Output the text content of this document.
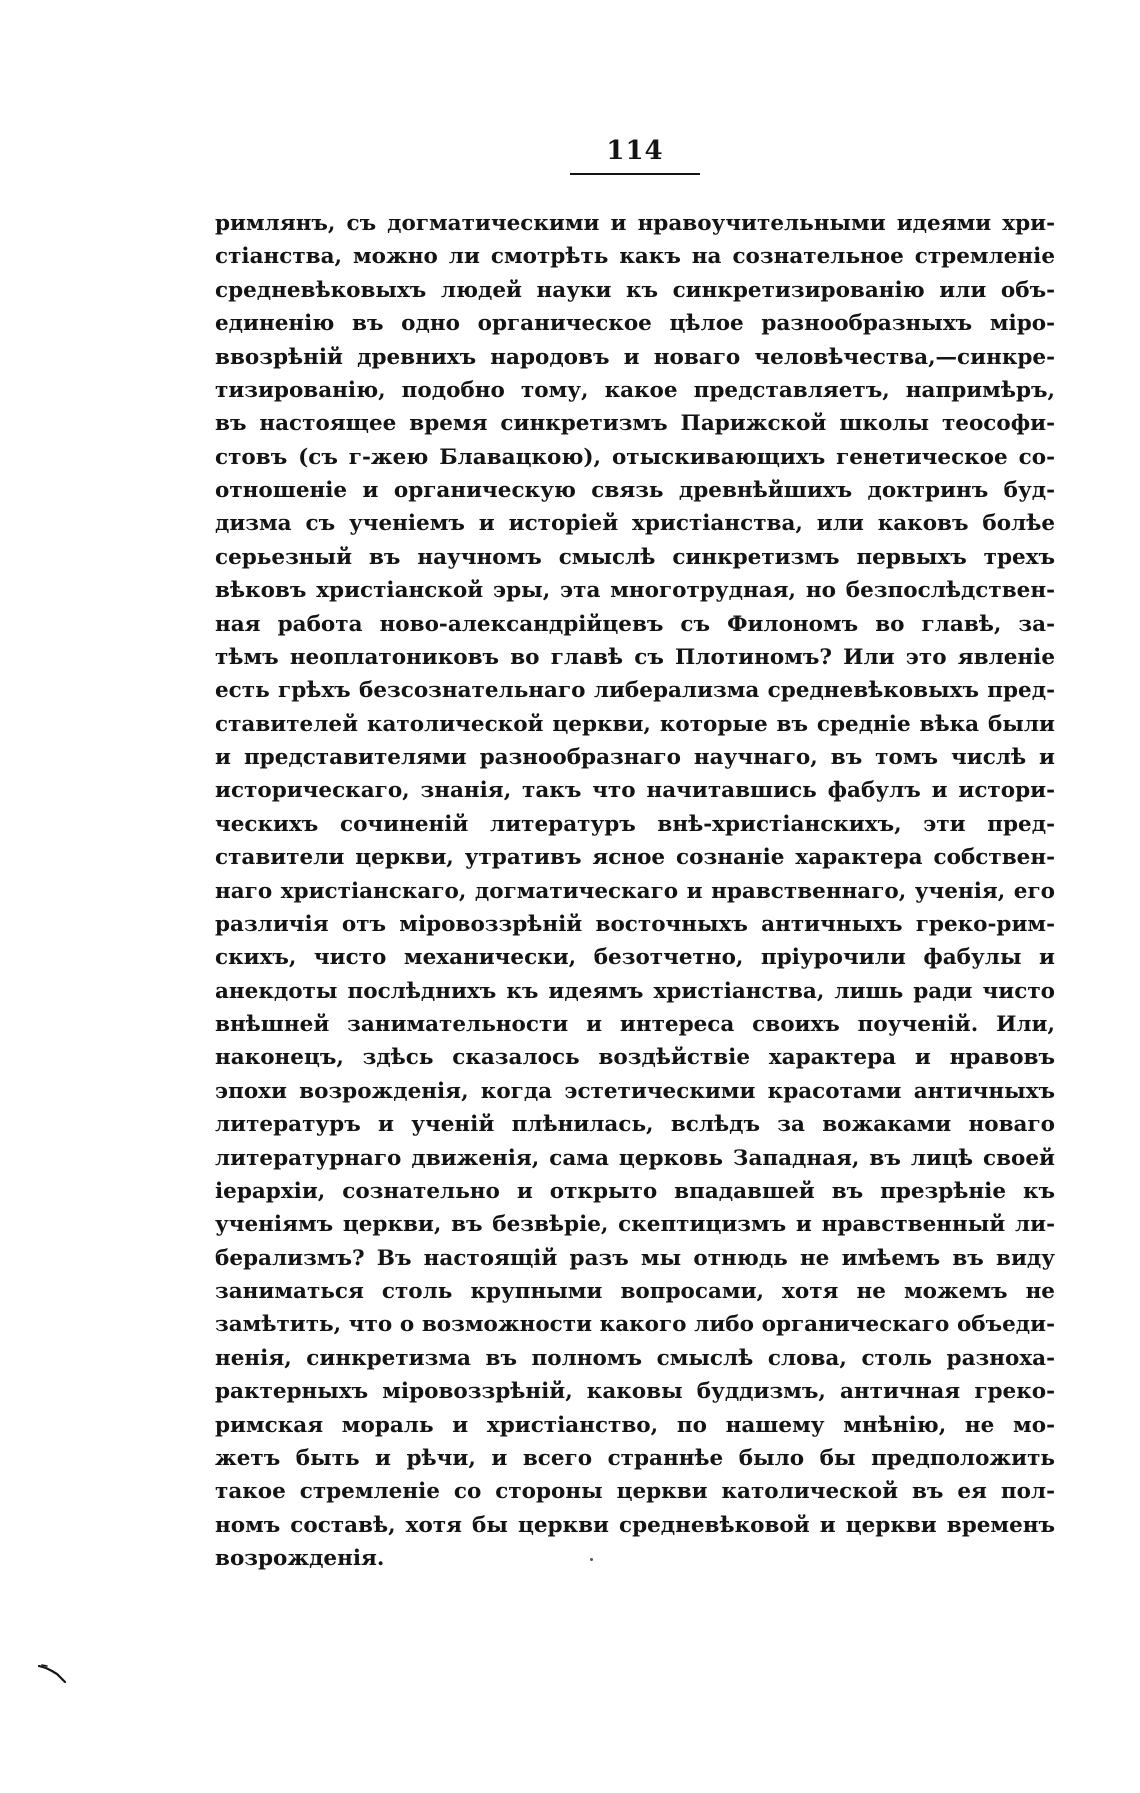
114
римлянъ, съ догматическими и нравоучительными идеями хри-
стіанства, можно ли смотрѣть какъ на сознательное стремленіе
средневѣковыхъ людей науки къ синкретизированію или объ-
единенію въ одно органическое цѣлое разнообразныхъ міро-
ввозрѣній древнихъ народовъ и новаго человѣчества,—синкре-
тизированію, подобно тому, какое представляетъ, напримѣръ,
въ настоящее время синкретизмъ Парижской школы теософи-
стовъ (съ г-жею Блавацкою), отыскивающихъ генетическое со-
отношеніе и органическую связь древнѣйшихъ доктринъ буд-
дизма съ ученіемъ и исторіей христіанства, или каковъ болѣе
серьезный въ научномъ смыслѣ синкретизмъ первыхъ трехъ
вѣковъ христіанской эры, эта многотрудная, но безпослѣдствен-
ная работа ново-александрійцевъ съ Филономъ во главѣ, за-
тѣмъ неоплатониковъ во главѣ съ Плотиномъ? Или это явленіе
есть грѣхъ безсознательнаго либерализма средневѣковыхъ пред-
ставителей католической церкви, которые въ средніе вѣка были
и представителями разнообразнаго научнаго, въ томъ числѣ и
историческаго, знанія, такъ что начитавшись фабулъ и истори-
ческихъ сочиненій литературъ внѣ-христіанскихъ, эти пред-
ставители церкви, утративъ ясное сознаніе характера собствен-
наго христіанскаго, догматическаго и нравственнаго, ученія, его
различія отъ міровоззрѣній восточныхъ античныхъ греко-рим-
скихъ, чисто механически, безотчетно, пріурочили фабулы и
анекдоты послѣднихъ къ идеямъ христіанства, лишь ради чисто
внѣшней занимательности и интереса своихъ поученій. Или,
наконецъ, здѣсь сказалось воздѣйствіе характера и нравовъ
эпохи возрожденія, когда эстетическими красотами античныхъ
литературъ и ученій плѣнилась, вслѣдъ за вожаками новаго
литературнаго движенія, сама церковь Западная, въ лицѣ своей
іерархіи, сознательно и открыто впадавшей въ презрѣніе къ
ученіямъ церкви, въ безвѣріе, скептицизмъ и нравственный ли-
берализмъ? Въ настоящій разъ мы отнюдь не имѣемъ въ виду
заниматься столь крупными вопросами, хотя не можемъ не
замѣтить, что о возможности какого либо органическаго объеди-
ненія, синкретизма въ полномъ смыслѣ слова, столь разноха-
рактерныхъ міровоззрѣній, каковы буддизмъ, античная греко-
римская мораль и христіанство, по нашему мнѣнію, не мо-
жетъ быть и рѣчи, и всего страннѣе было бы предположить
такое стремленіе со стороны церкви католической въ ея пол-
номъ составѣ, хотя бы церкви средневѣковой и церкви временъ
возрожденія.
